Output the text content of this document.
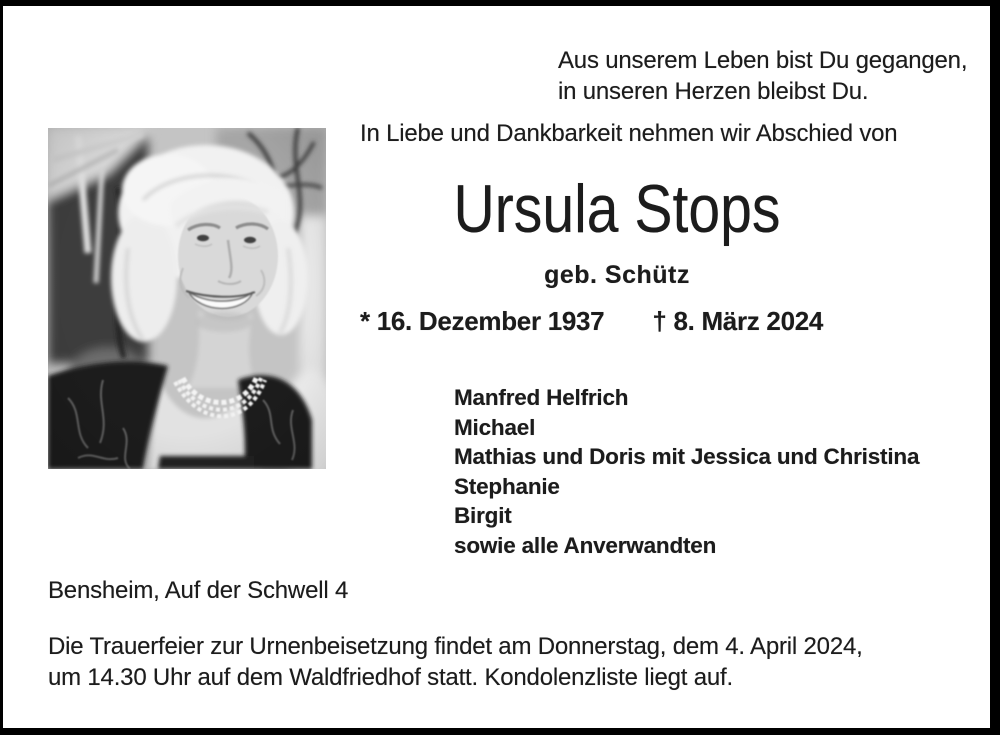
Aus unserem Leben bist Du gegangen,
in unseren Herzen bleibst Du.
In Liebe und Dankbarkeit nehmen wir Abschied von
Ursula Stops
geb. Schütz
* 16. Dezember 1937 † 8. März 2024
Manfred Helfrich
Michael
Mathias und Doris mit Jessica und Christina
Stephanie
Birgit
sowie alle Anverwandten
Bensheim, Auf der Schwell 4
Die Trauerfeier zur Urnenbeisetzung findet am Donnerstag, dem 4. April 2024,
um 14.30 Uhr auf dem Waldfriedhof statt. Kondolenzliste liegt auf.
